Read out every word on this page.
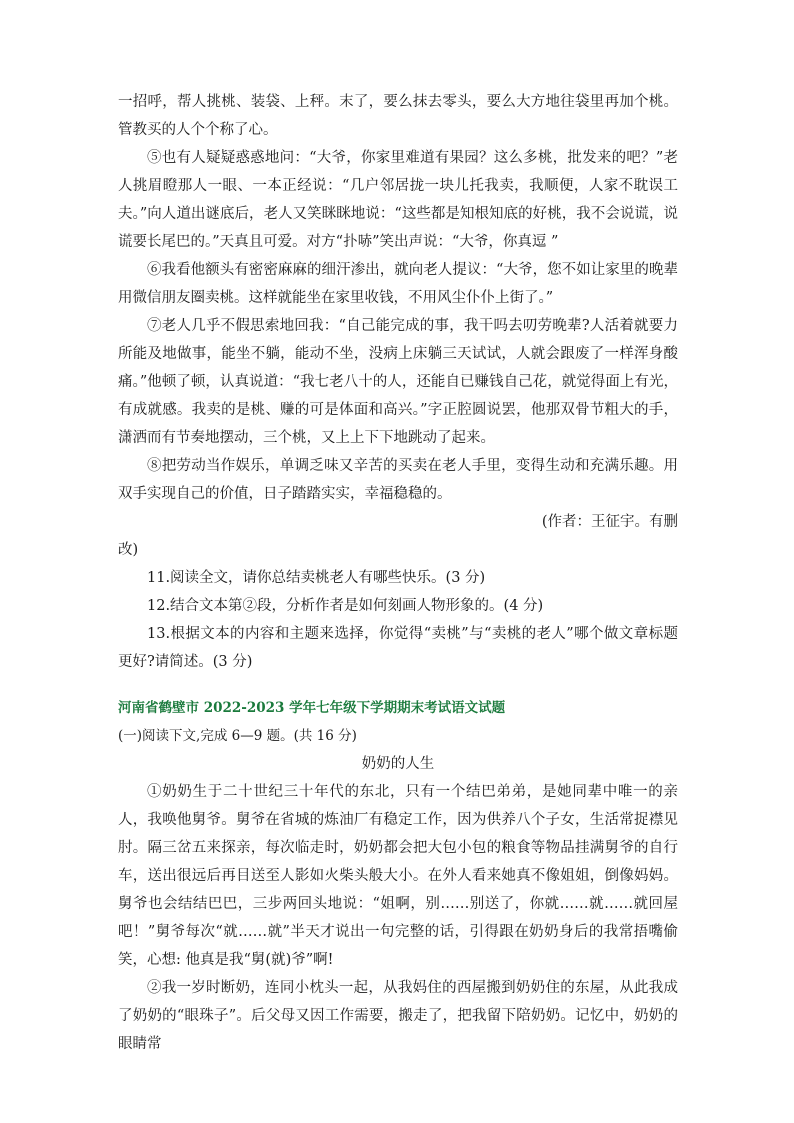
一招呼，帮人挑桃、装袋、上秤。末了，要么抹去零头，要么大方地往袋里再加个桃。管教买的人个个称了心。

⑤也有人疑疑惑惑地问：“大爷，你家里难道有果园？这么多桃，批发来的吧？”老人挑眉瞪那人一眼、一本正经说：“几户邻居拢一块儿托我卖，我顺便，人家不耽误工夫。”向人道出谜底后，老人又笑眯眯地说：“这些都是知根知底的好桃，我不会说谎，说谎要长尾巴的。”天真且可爱。对方“扑哧”笑出声说：“大爷，你真逗 ”

⑥我看他额头有密密麻麻的细汗渗出，就向老人提议：“大爷，您不如让家里的晚辈用微信朋友圈卖桃。这样就能坐在家里收钱，不用风尘仆仆上街了。”

⑦老人几乎不假思索地回我：“自己能完成的事，我干吗去叨劳晚辈?人活着就要力所能及地做事，能坐不躺，能动不坐，没病上床躺三天试试，人就会跟废了一样浑身酸痛。”他顿了顿，认真说道：“我七老八十的人，还能自已赚钱自己花，就觉得面上有光，有成就感。我卖的是桃、赚的可是体面和高兴。”字正腔圆说罢，他那双骨节粗大的手，潇洒而有节奏地摆动，三个桃，又上上下下地跳动了起来。

⑧把劳动当作娱乐，单调乏味又辛苦的买卖在老人手里，变得生动和充满乐趣。用双手实现自己的价值，日子踏踏实实，幸福稳稳的。

(作者：王征宇。有删

改)

11.阅读全文，请你总结卖桃老人有哪些快乐。(3 分)

12.结合文本第②段，分析作者是如何刻画人物形象的。(4 分)

13.根据文本的内容和主题来选择，你觉得“卖桃”与“卖桃的老人”哪个做文章标题更好?请简述。(3 分)

河南省鹤壁市 2022-2023 学年七年级下学期期末考试语文试题

(一)阅读下文,完成 6—9 题。(共 16 分)

奶奶的人生

①奶奶生于二十世纪三十年代的东北，只有一个结巴弟弟，是她同辈中唯一的亲人，我唤他舅爷。舅爷在省城的炼油厂有稳定工作，因为供养八个子女，生活常捉襟见肘。隔三岔五来探亲，每次临走时，奶奶都会把大包小包的粮食等物品挂满舅爷的自行车，送出很远后再目送至人影如火柴头般大小。在外人看来她真不像姐姐，倒像妈妈。舅爷也会结结巴巴，三步两回头地说：“姐啊，别……别送了，你就……就……就回屋吧！”舅爷每次“就……就”半天才说出一句完整的话，引得跟在奶奶身后的我常捂嘴偷笑，心想: 他真是我“舅(就)爷”啊!

②我一岁时断奶，连同小枕头一起，从我妈住的西屋搬到奶奶住的东屋，从此我成了奶奶的“眼珠子”。后父母又因工作需要，搬走了，把我留下陪奶奶。记忆中，奶奶的眼睛常
